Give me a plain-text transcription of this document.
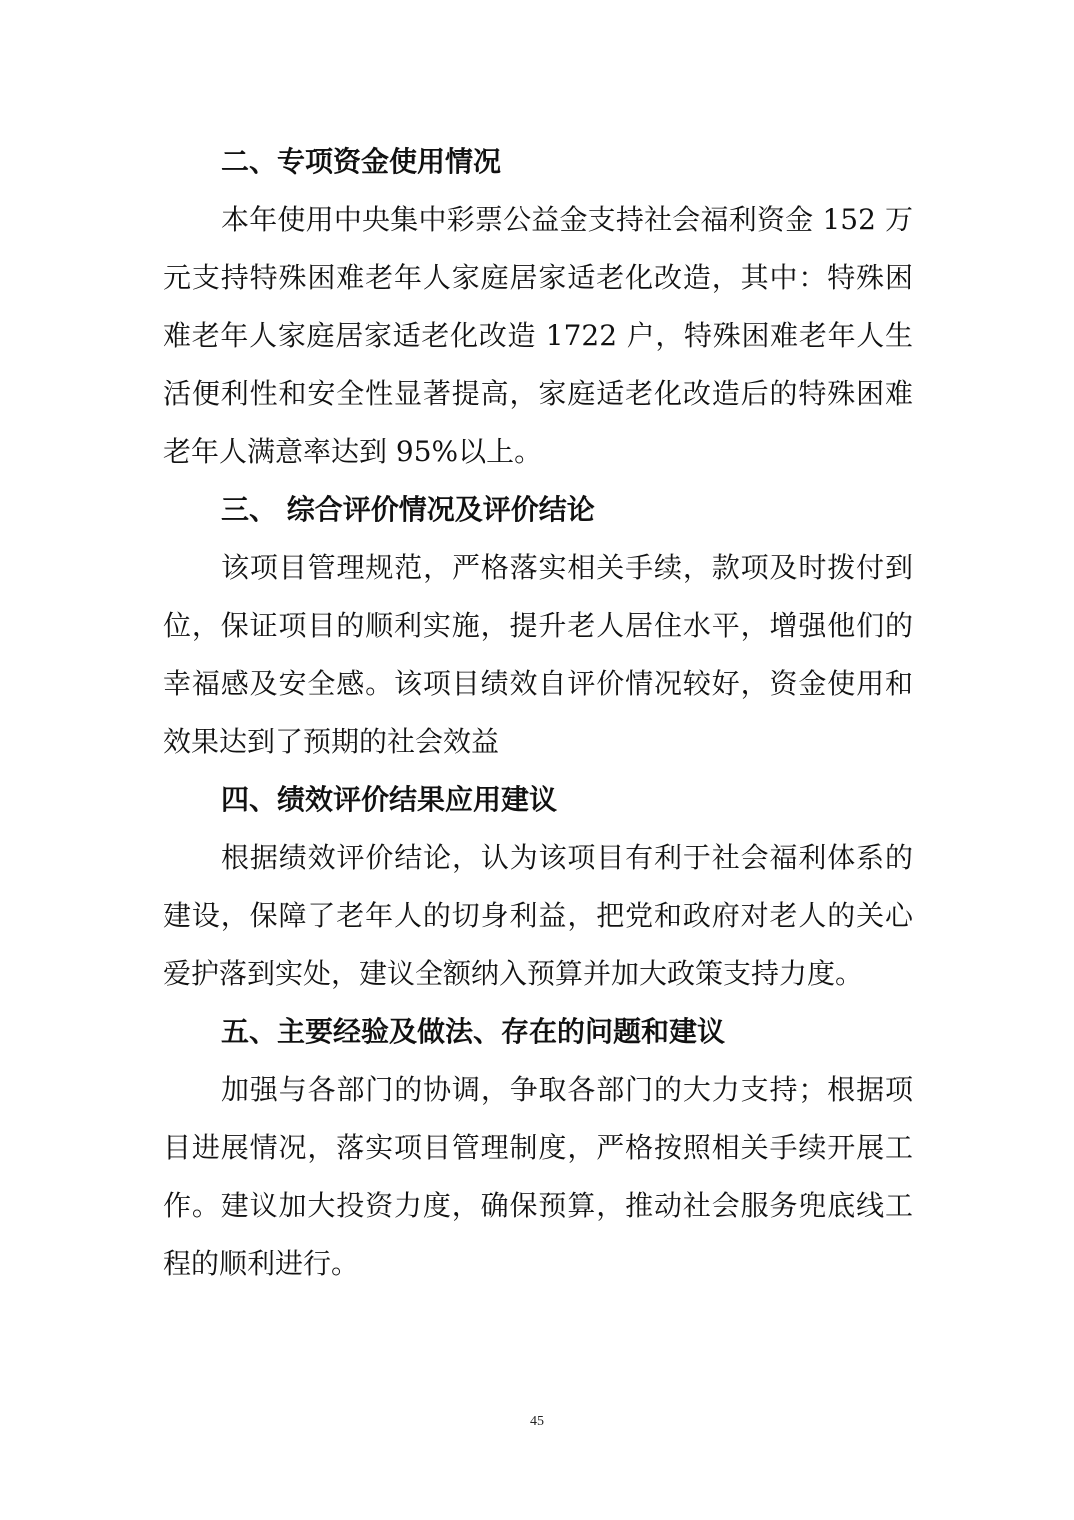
二、专项资金使用情况

本年使用中央集中彩票公益金支持社会福利资金 152 万
元支持特殊困难老年人家庭居家适老化改造，其中：特殊困
难老年人家庭居家适老化改造 1722 户，特殊困难老年人生
活便利性和安全性显著提高，家庭适老化改造后的特殊困难
老年人满意率达到 95%以上。

三、 综合评价情况及评价结论

该项目管理规范，严格落实相关手续，款项及时拨付到
位，保证项目的顺利实施，提升老人居住水平，增强他们的
幸福感及安全感。该项目绩效自评价情况较好，资金使用和
效果达到了预期的社会效益

四、绩效评价结果应用建议

根据绩效评价结论，认为该项目有利于社会福利体系的
建设，保障了老年人的切身利益，把党和政府对老人的关心
爱护落到实处，建议全额纳入预算并加大政策支持力度。

五、主要经验及做法、存在的问题和建议

加强与各部门的协调，争取各部门的大力支持；根据项
目进展情况，落实项目管理制度，严格按照相关手续开展工
作。建议加大投资力度，确保预算，推动社会服务兜底线工
程的顺利进行。

45
